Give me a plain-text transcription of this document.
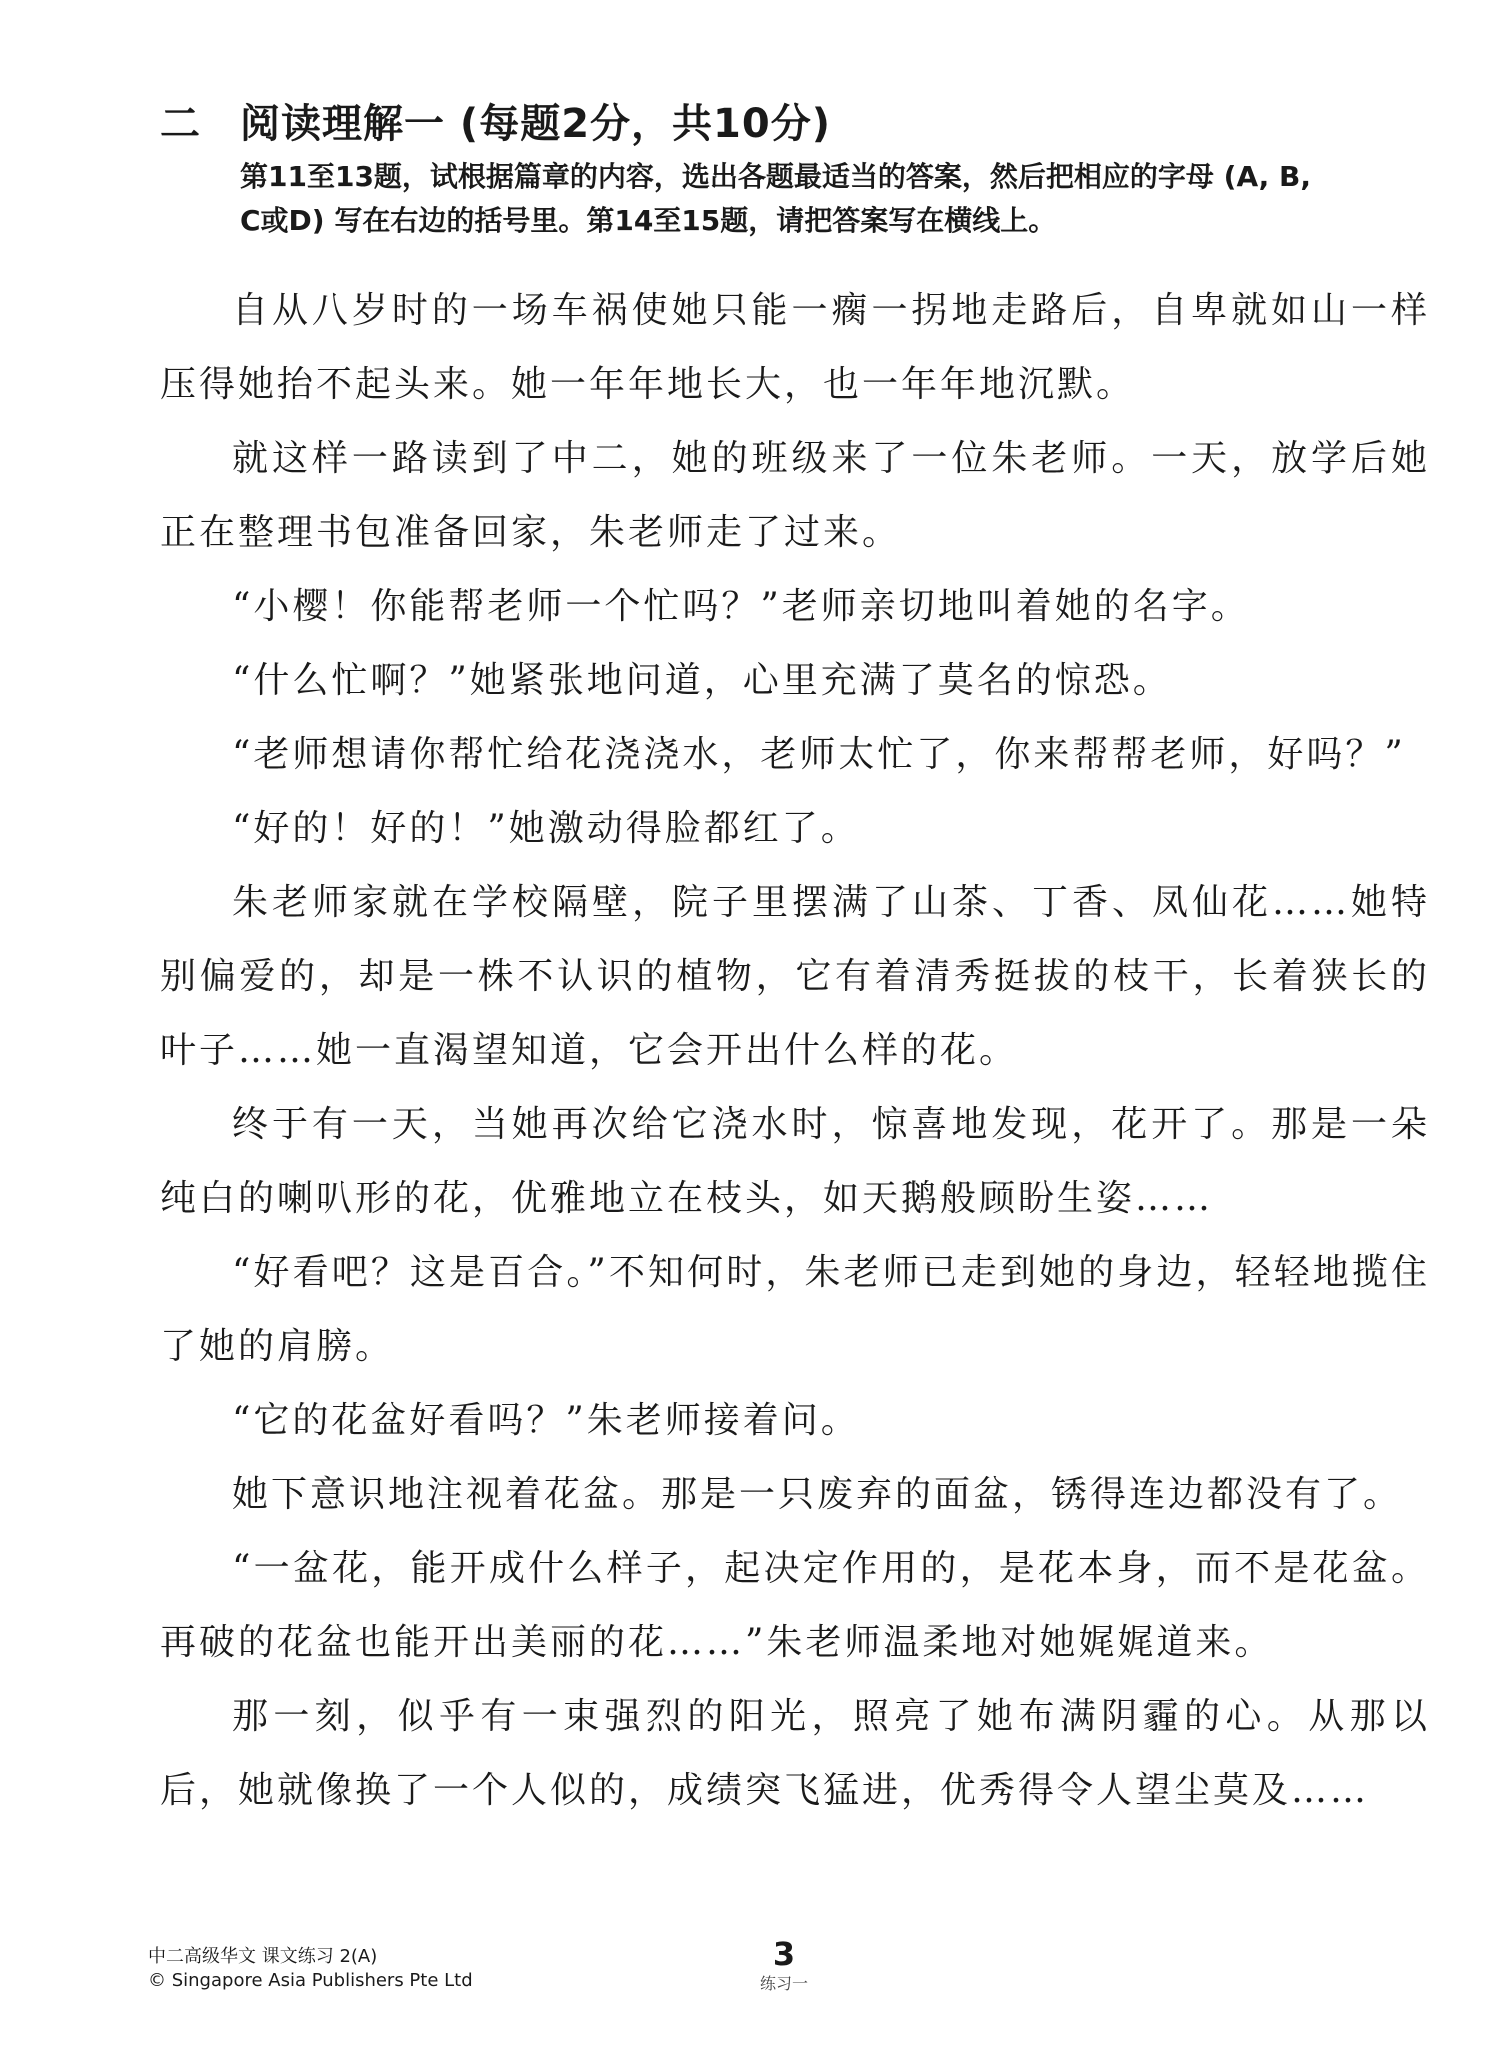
二 阅读理解一 (每题2分，共10分)

第11至13题，试根据篇章的内容，选出各题最适当的答案，然后把相应的字母 (A, B,

C或D) 写在右边的括号里。第14至15题，请把答案写在横线上。

自从八岁时的一场车祸使她只能一瘸一拐地走路后，自卑就如山一样压得她抬不起头来。她一年年地长大，也一年年地沉默。

就这样一路读到了中二，她的班级来了一位朱老师。一天，放学后她正在整理书包准备回家，朱老师走了过来。

“小樱！你能帮老师一个忙吗？”老师亲切地叫着她的名字。

“什么忙啊？”她紧张地问道，心里充满了莫名的惊恐。

“老师想请你帮忙给花浇浇水，老师太忙了，你来帮帮老师，好吗？”

“好的！好的！”她激动得脸都红了。

朱老师家就在学校隔壁，院子里摆满了山茶、丁香、凤仙花……她特别偏爱的，却是一株不认识的植物，它有着清秀挺拔的枝干，长着狭长的叶子……她一直渴望知道，它会开出什么样的花。

终于有一天，当她再次给它浇水时，惊喜地发现，花开了。那是一朵纯白的喇叭形的花，优雅地立在枝头，如天鹅般顾盼生姿……

“好看吧？这是百合。”不知何时，朱老师已走到她的身边，轻轻地揽住了她的肩膀。

“它的花盆好看吗？”朱老师接着问。

她下意识地注视着花盆。那是一只废弃的面盆，锈得连边都没有了。

“一盆花，能开成什么样子，起决定作用的，是花本身，而不是花盆。再破的花盆也能开出美丽的花……”朱老师温柔地对她娓娓道来。

那一刻，似乎有一束强烈的阳光，照亮了她布满阴霾的心。从那以后，她就像换了一个人似的，成绩突飞猛进，优秀得令人望尘莫及……

中二高级华文 课文练习 2(A)
© Singapore Asia Publishers Pte Ltd
3
练习一
